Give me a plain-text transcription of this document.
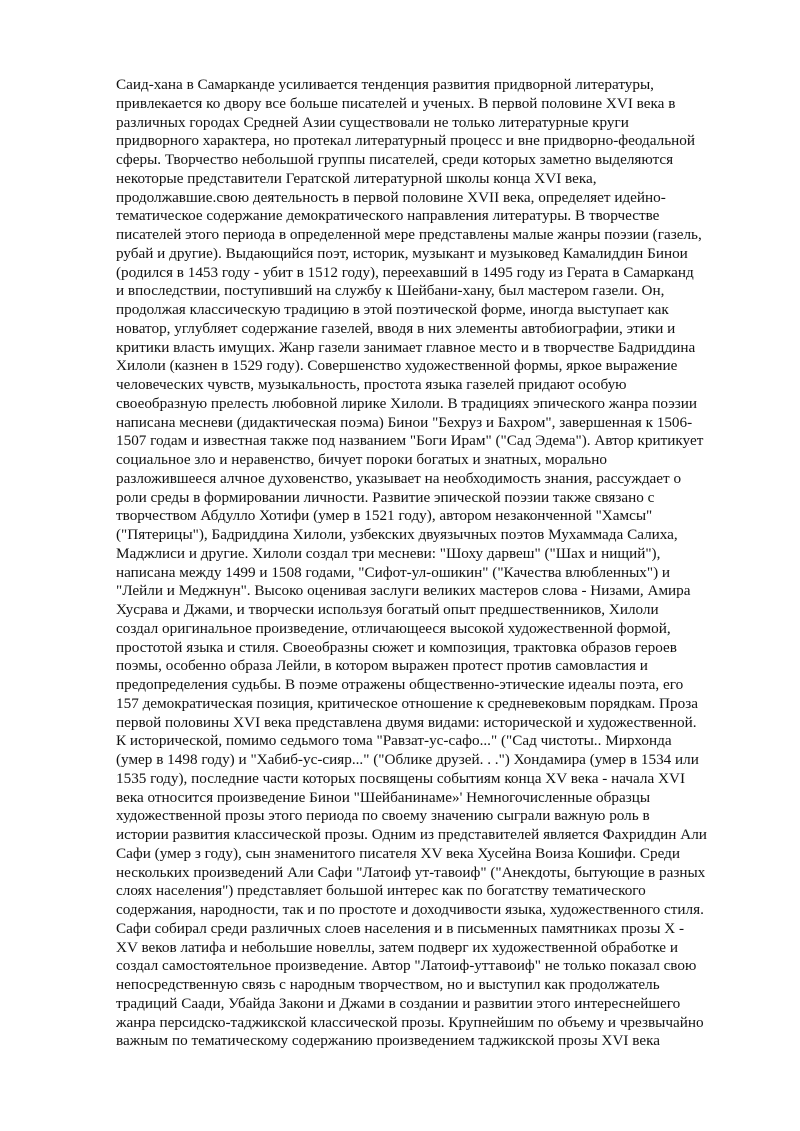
Саид-хана в Самарканде усиливается тенденция развития придворной литературы,
привлекается ко двору все больше писателей и ученых. В первой половине XVI века в
различных городах Средней Азии существовали не только литературные круги
придворного характера, но протекал литературный процесс и вне придворно-феодальной
сферы. Творчество небольшой группы писателей, среди которых заметно выделяются
некоторые представители Гератской литературной школы конца XVI века,
продолжавшие.свою деятельность в первой половине XVII века, определяет идейно-
тематическое содержание демократического направления литературы. В творчестве
писателей этого периода в определенной мере представлены малые жанры поэзии (газель,
рубай и другие). Выдающийся поэт, историк, музыкант и музыковед Камалиддин Бинои
(родился в 1453 году - убит в 1512 году), переехавший в 1495 году из Герата в Самарканд
и впоследствии, поступивший на службу к Шейбани-хану, был мастером газели. Он,
продолжая классическую традицию в этой поэтической форме, иногда выступает как
новатор, углубляет содержание газелей, вводя в них элементы автобиографии, этики и
критики власть имущих. Жанр газели занимает главное место и в творчестве Бадриддина
Хилоли (казнен в 1529 году). Совершенство художественной формы, яркое выражение
человеческих чувств, музыкальность, простота языка газелей придают особую
своеобразную прелесть любовной лирике Хилоли. В традициях эпического жанра поэзии
написана месневи (дидактическая поэма) Бинои "Бехруз и Бахром", завершенная к 1506-
1507 годам и известная также под названием "Боги Ирам" ("Сад Эдема"). Автор критикует
социальное зло и неравенство, бичует пороки богатых и знатных, морально
разложившееся алчное духовенство, указывает на необходимость знания, рассуждает о
роли среды в формировании личности. Развитие эпической поэзии также связано с
творчеством Абдулло Хотифи (умер в 1521 году), автором незаконченной "Хамсы"
("Пятерицы"), Бадриддина Хилоли, узбекских двуязычных поэтов Мухаммада Салиха,
Маджлиси и другие. Хилоли создал три месневи: "Шоху дарвеш" ("Шах и нищий"),
написана между 1499 и 1508 годами, "Сифот-ул-ошикин" ("Качества влюбленных") и
"Лейли и Меджнун". Высоко оценивая заслуги великих мастеров слова - Низами, Амира
Хусрава и Джами, и творчески используя богатый опыт предшественников, Хилоли
создал оригинальное произведение, отличающееся высокой художественной формой,
простотой языка и стиля. Своеобразны сюжет и композиция, трактовка образов героев
поэмы, особенно образа Лейли, в котором выражен протест против самовластия и
предопределения судьбы. В поэме отражены общественно-этические идеалы поэта, его
157 демократическая позиция, критическое отношение к средневековым порядкам. Проза
первой половины XVI века представлена двумя видами: исторической и художественной.
К исторической, помимо седьмого тома "Равзат-ус-сафо..." ("Сад чистоты.. Мирхонда
(умер в 1498 году) и "Хабиб-ус-сияр..." ("Облике друзей. . .") Хондамира (умер в 1534 или
1535 году), последние части которых посвящены событиям конца XV века - начала XVI
века относится произведение Бинои "Шейбанинаме»' Немногочисленные образцы
художественной прозы этого периода по своему значению сыграли важную роль в
истории развития классической прозы. Одним из представителей является Фахриддин Али
Сафи (умер з году), сын знаменитого писателя XV века Хусейна Воиза Кошифи. Среди
нескольких произведений Али Сафи "Латоиф ут-тавоиф" ("Анекдоты, бытующие в разных
слоях населения") представляет большой интерес как по богатству тематического
содержания, народности, так и по простоте и доходчивости языка, художественного стиля.
Сафи собирал среди различных слоев населения и в письменных памятниках прозы X -
XV веков латифа и небольшие новеллы, затем подверг их художественной обработке и
создал самостоятельное произведение. Автор "Латоиф-уттавоиф" не только показал свою
непосредственную связь с народным творчеством, но и выступил как продолжатель
традиций Саади, Убайда Закони и Джами в создании и развитии этого интереснейшего
жанра персидско-таджикской классической прозы. Крупнейшим по объему и чрезвычайно
важным по тематическому содержанию произведением таджикской прозы XVI века
